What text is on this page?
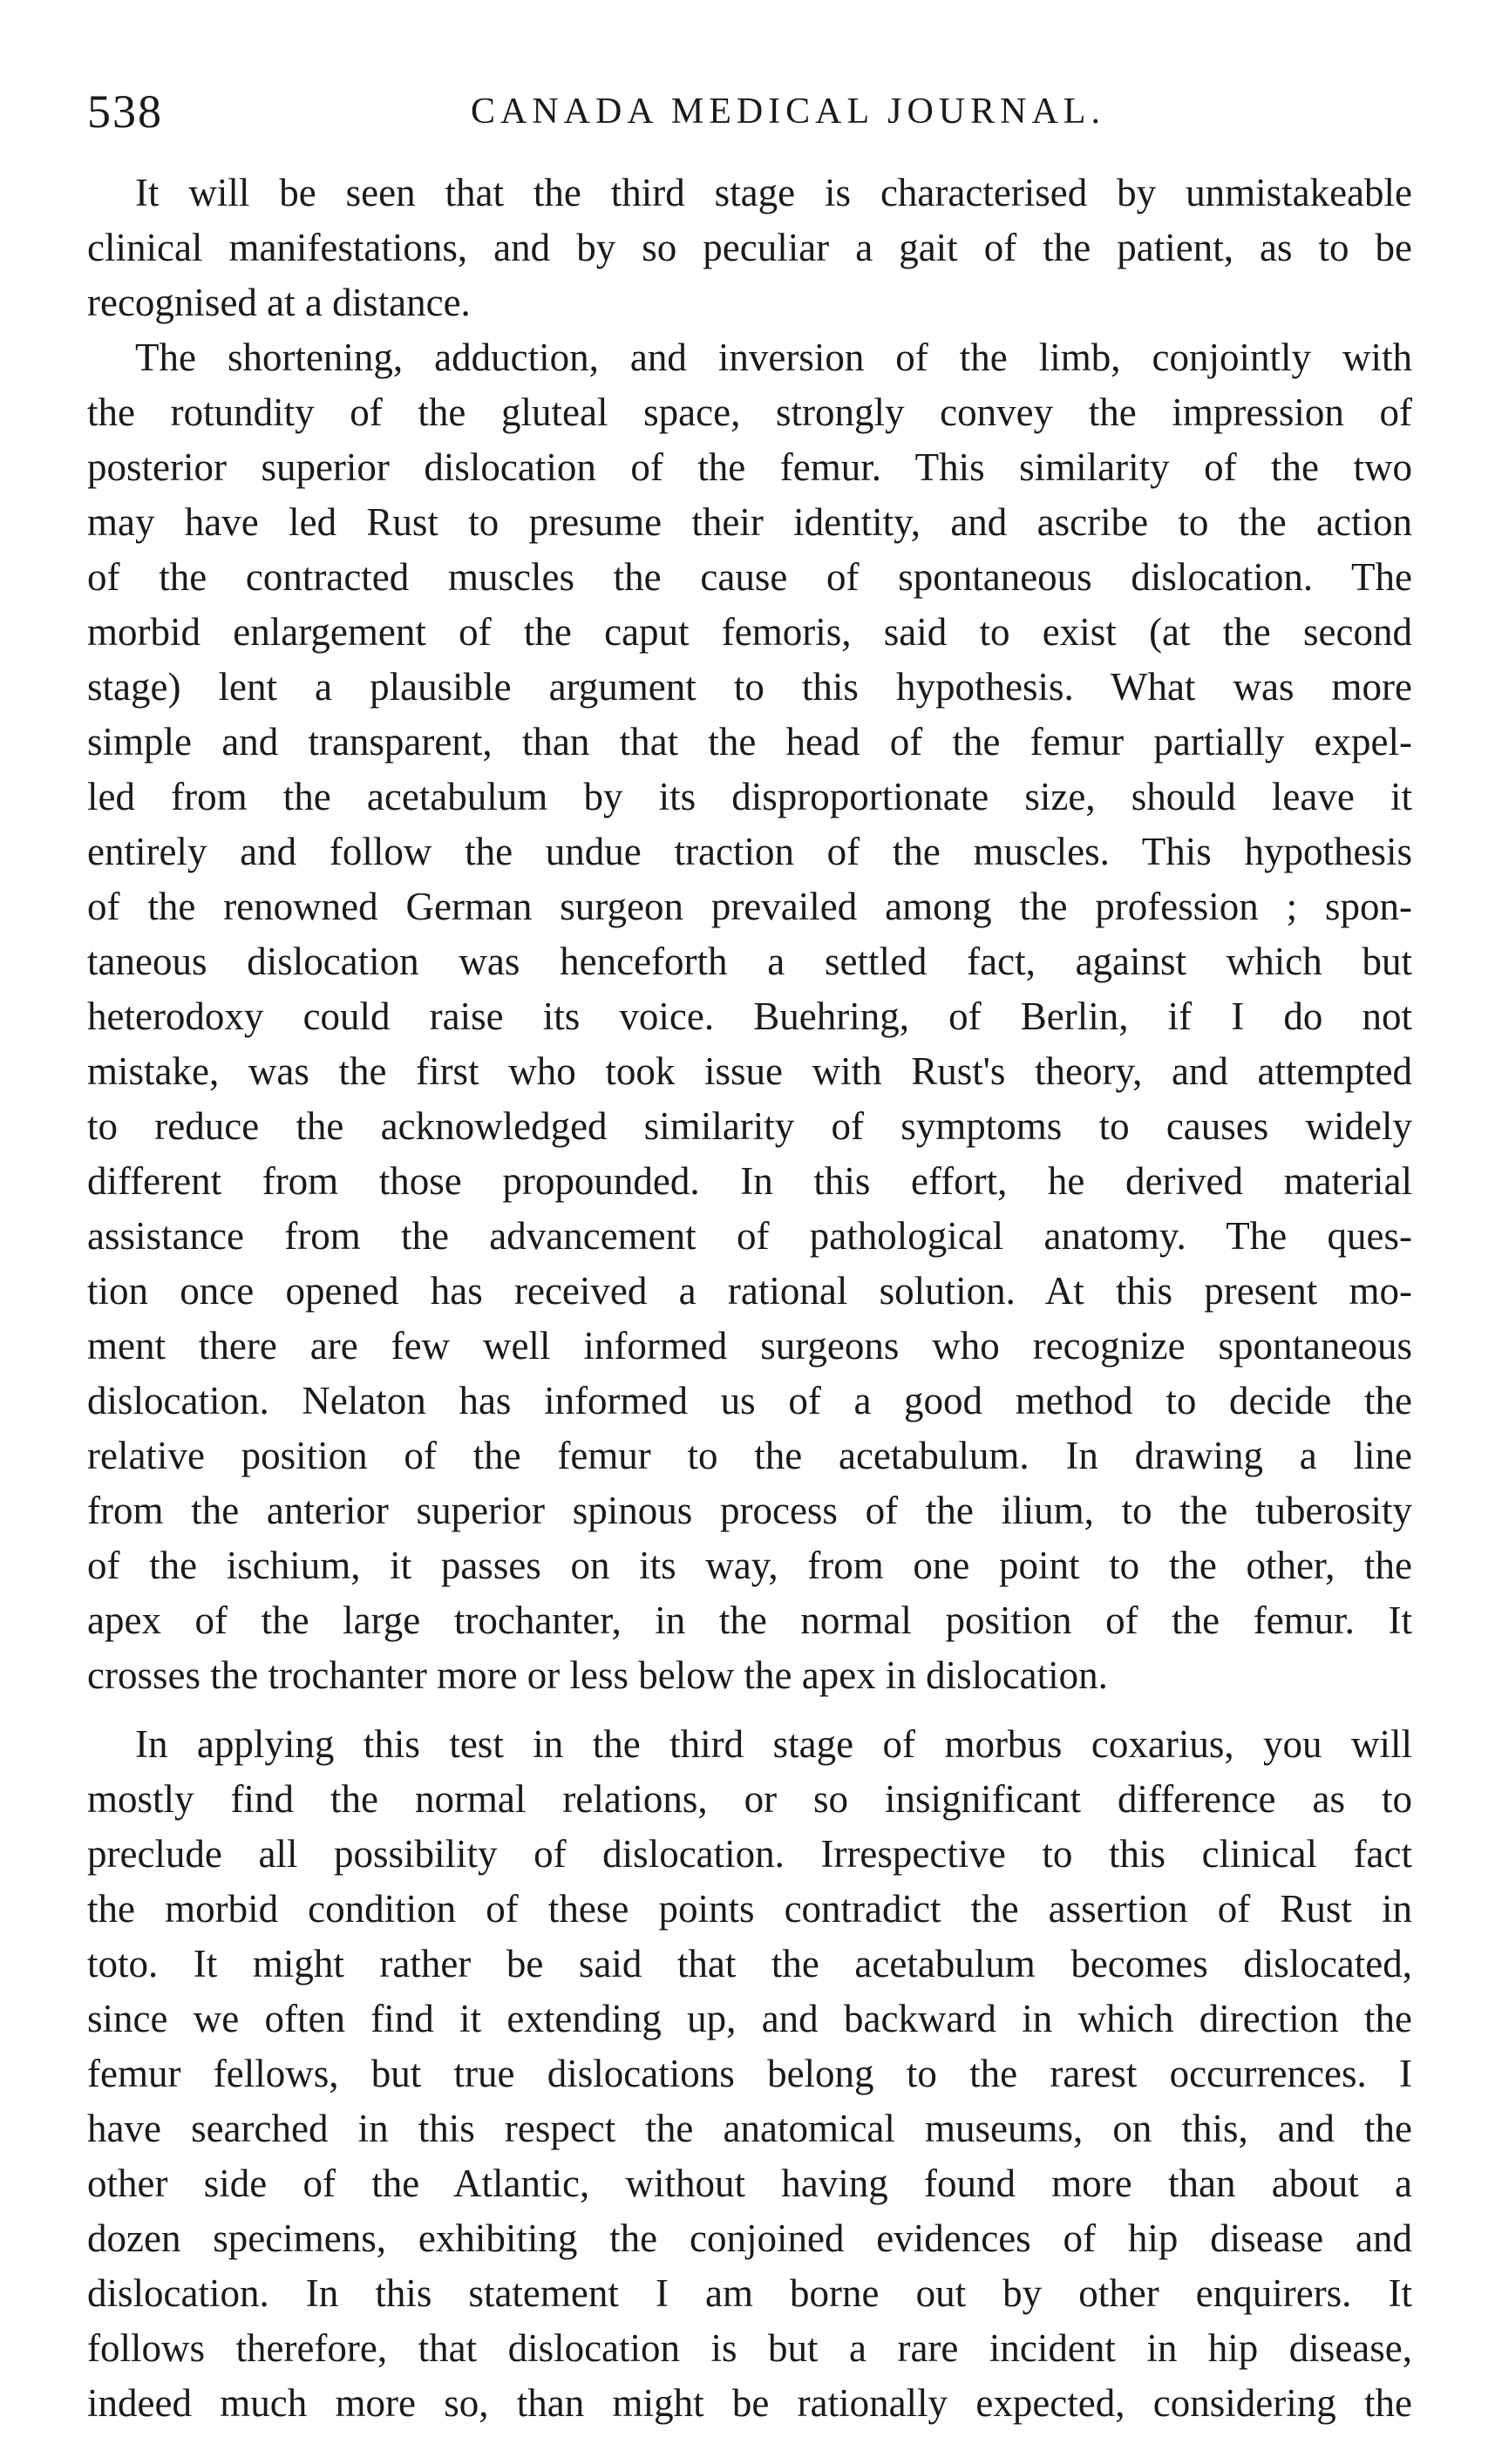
538	CANADA MEDICAL JOURNAL.
It will be seen that the third stage is characterised by unmistakeable
clinical manifestations, and by so peculiar a gait of the patient, as to be
recognised at a distance.
The shortening, adduction, and inversion of the limb, conjointly with
the rotundity of the gluteal space, strongly convey the impression of
posterior superior dislocation of the femur. This similarity of the two
may have led Rust to presume their identity, and ascribe to the action
of the contracted muscles the cause of spontaneous dislocation. The
morbid enlargement of the caput femoris, said to exist (at the second
stage) lent a plausible argument to this hypothesis. What was more
simple and transparent, than that the head of the femur partially expel-
led from the acetabulum by its disproportionate size, should leave it
entirely and follow the undue traction of the muscles. This hypothesis
of the renowned German surgeon prevailed among the profession ; spon-
taneous dislocation was henceforth a settled fact, against which but
heterodoxy could raise its voice. Buehring, of Berlin, if I do not
mistake, was the first who took issue with Rust's theory, and attempted
to reduce the acknowledged similarity of symptoms to causes widely
different from those propounded. In this effort, he derived material
assistance from the advancement of pathological anatomy. The ques-
tion once opened has received a rational solution. At this present mo-
ment there are few well informed surgeons who recognize spontaneous
dislocation. Nelaton has informed us of a good method to decide the
relative position of the femur to the acetabulum. In drawing a line
from the anterior superior spinous process of the ilium, to the tuberosity
of the ischium, it passes on its way, from one point to the other, the
apex of the large trochanter, in the normal position of the femur. It
crosses the trochanter more or less below the apex in dislocation.
In applying this test in the third stage of morbus coxarius, you will
mostly find the normal relations, or so insignificant difference as to
preclude all possibility of dislocation. Irrespective to this clinical fact
the morbid condition of these points contradict the assertion of Rust in
toto. It might rather be said that the acetabulum becomes dislocated,
since we often find it extending up, and backward in which direction the
femur fellows, but true dislocations belong to the rarest occurrences. I
have searched in this respect the anatomical museums, on this, and the
other side of the Atlantic, without having found more than about a
dozen specimens, exhibiting the conjoined evidences of hip disease and
dislocation. In this statement I am borne out by other enquirers. It
follows therefore, that dislocation is but a rare incident in hip disease,
indeed much more so, than might be rationally expected, considering the
